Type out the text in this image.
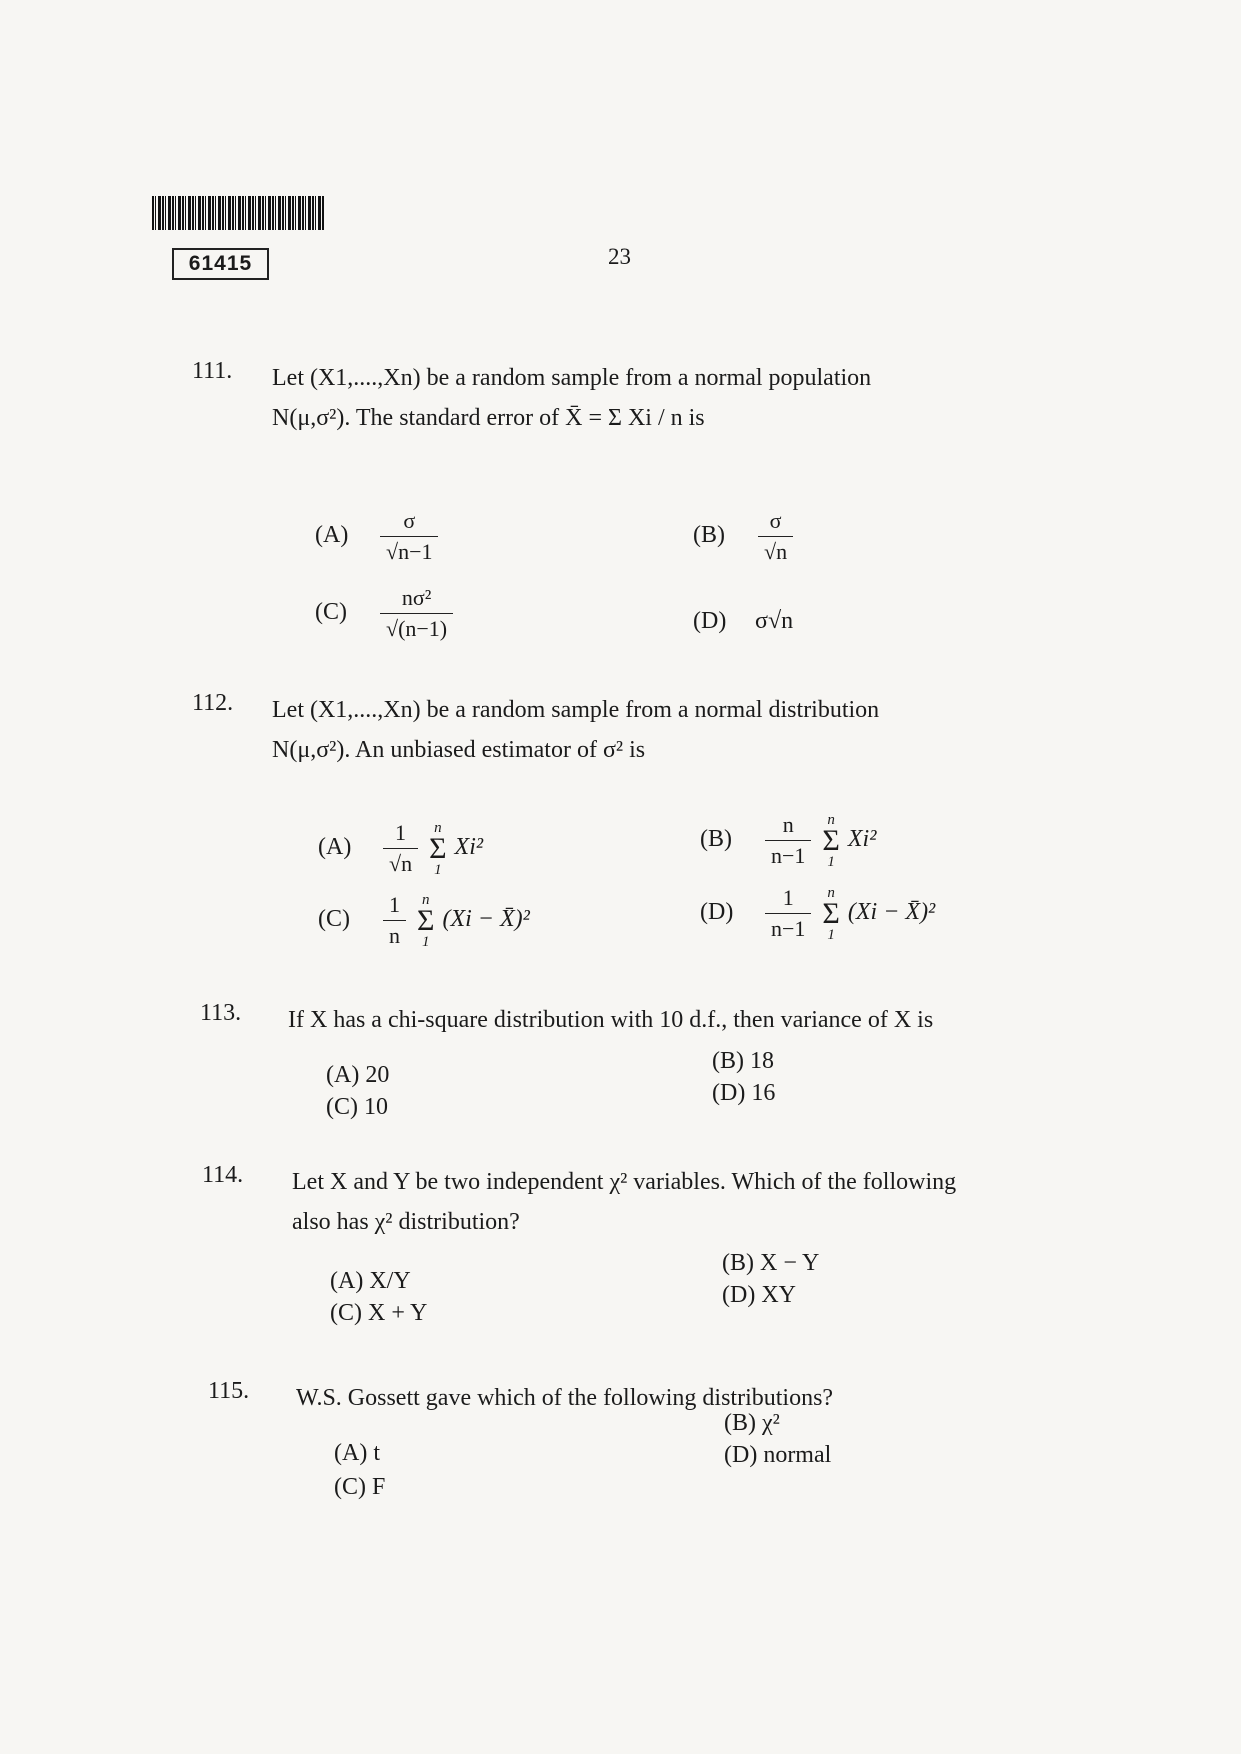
61415	23
111.	Let (X1,....,Xn) be a random sample from a normal population
N(μ,σ²). The standard error of X̄ = Σ Xi / n is
$(A) \frac{\sigma}{√n-1}$	$(B) \frac{\sigma}{√n}$
$(C) \frac{\text{nσ²}}{√(n-1)}$	(D) σ√n
112.	Let (X1,....,Xn) be a random sample from a normal distribution
N(μ,σ²). An unbiased estimator of σ² is
$(A) \frac{1}{√n}$
	n
Σ
1
Xi²	$(B) \frac{n}{n-1}$
	n
Σ
1
Xi²
$(C) \frac{1}{n}$
	n
Σ
1
(Xi − X̄)²	$(D) \frac{1}{n-1}$
	n
Σ
1
(Xi − X̄)²
113.	If X has a chi-square distribution with 10 d.f., then variance of X is
(A) 20
(B) 18
(C) 10
(D) 16
114.	Let X and Y be two independent χ² variables. Which of the following
also has χ² distribution?
(A) X/Y
(B) X − Y
(C) X + Y
(D) XY
115.	W.S. Gossett gave which of the following distributions?
(A) t
(B) χ²
(C) F
(D) normal
